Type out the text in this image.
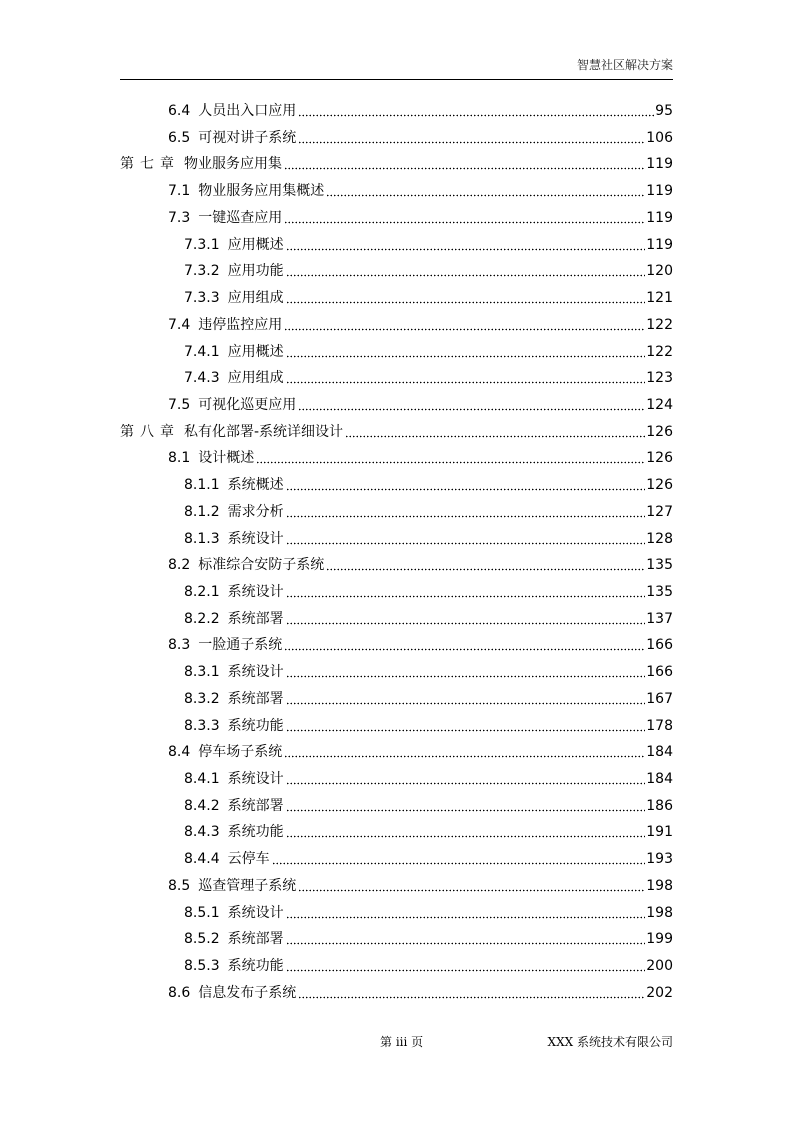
智慧社区解决方案
6.4 人员出入口应用	95
6.5 可视对讲子系统	106
第七章 物业服务应用集	119
7.1 物业服务应用集概述	119
7.3 一键巡查应用	119
7.3.1 应用概述	119
7.3.2 应用功能	120
7.3.3 应用组成	121
7.4 违停监控应用	122
7.4.1 应用概述	122
7.4.3 应用组成	123
7.5 可视化巡更应用	124
第八章 私有化部署-系统详细设计	126
8.1 设计概述	126
8.1.1 系统概述	126
8.1.2 需求分析	127
8.1.3 系统设计	128
8.2 标准综合安防子系统	135
8.2.1 系统设计	135
8.2.2 系统部署	137
8.3 一脸通子系统	166
8.3.1 系统设计	166
8.3.2 系统部署	167
8.3.3 系统功能	178
8.4 停车场子系统	184
8.4.1 系统设计	184
8.4.2 系统部署	186
8.4.3 系统功能	191
8.4.4 云停车	193
8.5 巡查管理子系统	198
8.5.1 系统设计	198
8.5.2 系统部署	199
8.5.3 系统功能	200
8.6 信息发布子系统	202
第 iii 页	XXX 系统技术有限公司
